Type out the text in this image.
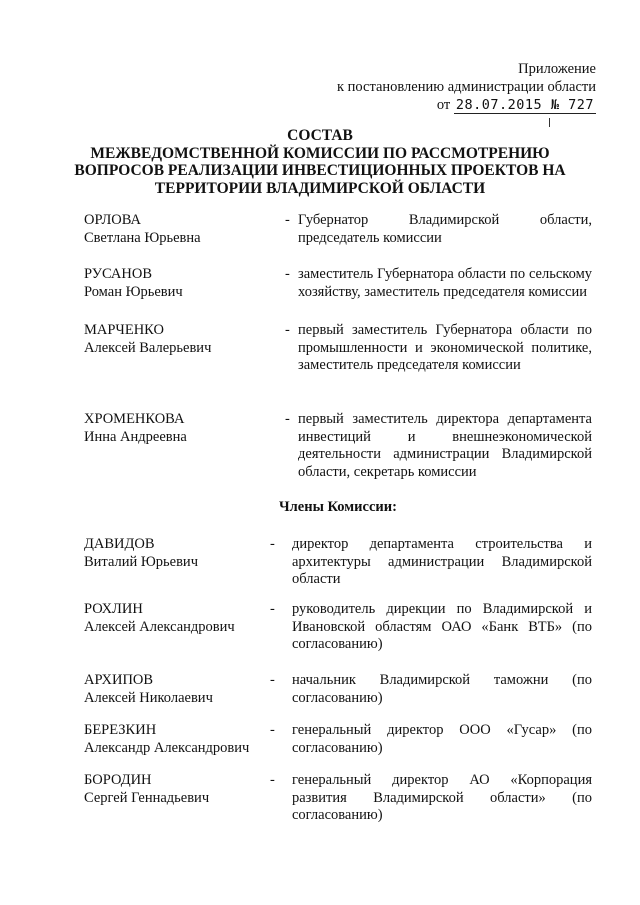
Приложение
к постановлению администрации области
от 28.07.2015 № 727
СОСТАВ
МЕЖВЕДОМСТВЕННОЙ КОМИССИИ ПО РАССМОТРЕНИЮ
ВОПРОСОВ РЕАЛИЗАЦИИ ИНВЕСТИЦИОННЫХ ПРОЕКТОВ НА
ТЕРРИТОРИИ ВЛАДИМИРСКОЙ ОБЛАСТИ
ОРЛОВА
Светлана Юрьевна
- Губернатор Владимирской области, председатель комиссии
РУСАНОВ
Роман Юрьевич
- заместитель Губернатора области по сельскому хозяйству, заместитель председателя комиссии
МАРЧЕНКО
Алексей Валерьевич
- первый заместитель Губернатора области по промышленности и экономической политике, заместитель председателя комиссии
ХРОМЕНКОВА
Инна Андреевна
- первый заместитель директора департамента инвестиций и внешнеэкономической деятельности администрации Владимирской области, секретарь комиссии
Члены Комиссии:
ДАВИДОВ
Виталий Юрьевич
- директор департамента строительства и архитектуры администрации Владимирской области
РОХЛИН
Алексей Александрович
- руководитель дирекции по Владимирской и Ивановской областям ОАО «Банк ВТБ» (по согласованию)
АРХИПОВ
Алексей Николаевич
- начальник Владимирской таможни (по согласованию)
БЕРЕЗКИН
Александр Александрович
- генеральный директор ООО «Гусар» (по согласованию)
БОРОДИН
Сергей Геннадьевич
- генеральный директор АО «Корпорация развития Владимирской области» (по согласованию)
